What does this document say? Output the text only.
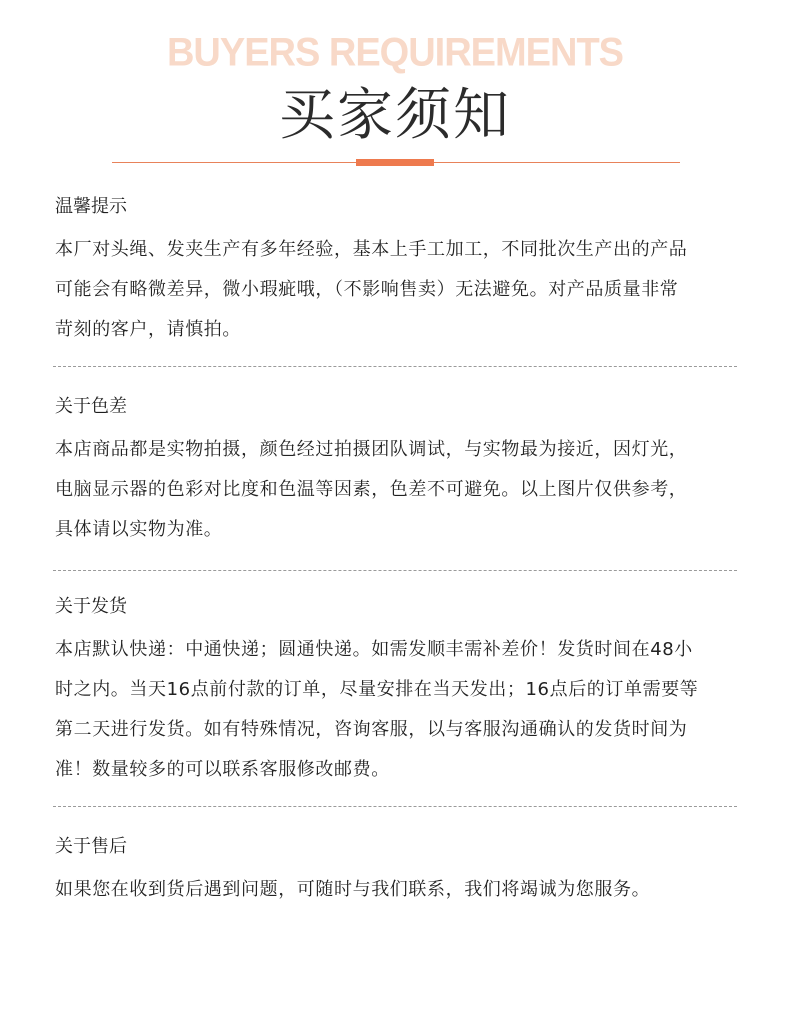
BUYERS REQUIREMENTS
买家须知
温馨提示
本厂对头绳、发夹生产有多年经验，基本上手工加工，不同批次生产出的产品
可能会有略微差异，微小瑕疵哦，（不影响售卖）无法避免。对产品质量非常
苛刻的客户，请慎拍。
关于色差
本店商品都是实物拍摄，颜色经过拍摄团队调试，与实物最为接近，因灯光，
电脑显示器的色彩对比度和色温等因素，色差不可避免。以上图片仅供参考，
具体请以实物为准。
关于发货
本店默认快递：中通快递；圆通快递。如需发顺丰需补差价！发货时间在48小
时之内。当天16点前付款的订单，尽量安排在当天发出；16点后的订单需要等
第二天进行发货。如有特殊情况，咨询客服，以与客服沟通确认的发货时间为
准！数量较多的可以联系客服修改邮费。
关于售后
如果您在收到货后遇到问题，可随时与我们联系，我们将竭诚为您服务。
